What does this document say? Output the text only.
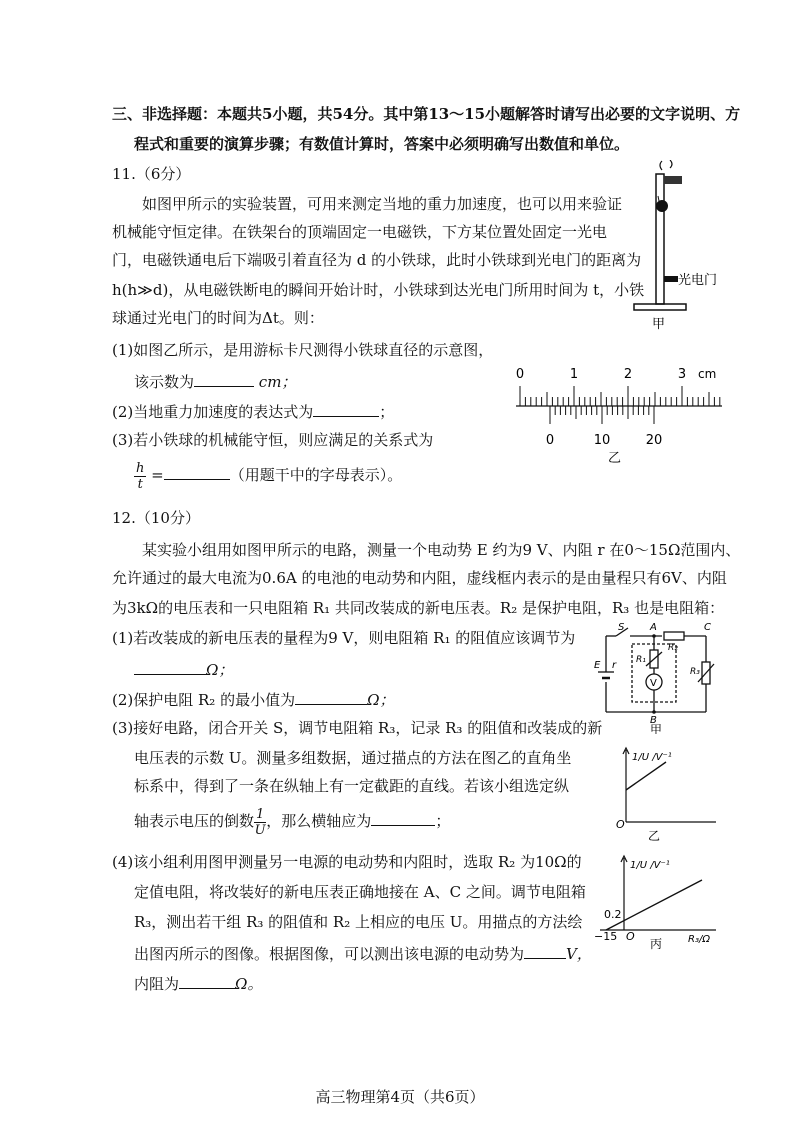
三、非选择题：本题共5小题，共54分。其中第13～15小题解答时请写出必要的文字说明、方
程式和重要的演算步骤；有数值计算时，答案中必须明确写出数值和单位。
11.（6分）
如图甲所示的实验装置，可用来测定当地的重力加速度，也可以用来验证
机械能守恒定律。在铁架台的顶端固定一电磁铁，下方某位置处固定一光电
门，电磁铁通电后下端吸引着直径为 d 的小铁球，此时小铁球到光电门的距离为
h(h≫d)，从电磁铁断电的瞬间开始计时，小铁球到达光电门所用时间为 t，小铁
球通过光电门的时间为Δt。则：
(1)如图乙所示，是用游标卡尺测得小铁球直径的示意图，
该示数为	cm；
(2)当地重力加速度的表达式为	；
(3)若小铁球的机械能守恒，则应满足的关系式为
$\frac{h}{t}$ =	（用题干中的字母表示）。
光电门
甲
0	1	2	3 cm
0	10	20
乙
12.（10分）
某实验小组用如图甲所示的电路，测量一个电动势 E 约为9 V、内阻 r 在0～15Ω范围内、
允许通过的最大电流为0.6A 的电池的电动势和内阻，虚线框内表示的是由量程只有6V、内阻
为3kΩ的电压表和一只电阻箱 R₁ 共同改装成的新电压表。R₂ 是保护电阻，R₃ 也是电阻箱：
(1)若改装成的新电压表的量程为9 V，则电阻箱 R₁ 的阻值应该调节为
Ω；
(2)保护电阻 R₂ 的最小值为	Ω；
(3)接好电路，闭合开关 S，调节电阻箱 R₃，记录 R₃ 的阻值和改装成的新
电压表的示数 U。测量多组数据，通过描点的方法在图乙的直角坐
标系中，得到了一条在纵轴上有一定截距的直线。若该小组选定纵
轴表示电压的倒数 $\frac{1}{U}$ ，那么横轴应为	；
(4)该小组利用图甲测量另一电源的电动势和内阻时，选取 R₂ 为10Ω的
定值电阻，将改装好的新电压表正确地接在 A、C 之间。调节电阻箱
R₃，测出若干组 R₃ 的阻值和 R₂ 上相应的电压 U。用描点的方法绘
出图丙所示的图像。根据图像，可以测出该电源的电动势为	V，
内阻为	Ω。
S	A	C
B
R₁
R₂
R₃
V
E r
甲
1/U /V⁻¹
O
乙
1/U /V⁻¹
0.2
−15 O	R₃/Ω
丙
高三物理第4页（共6页）
